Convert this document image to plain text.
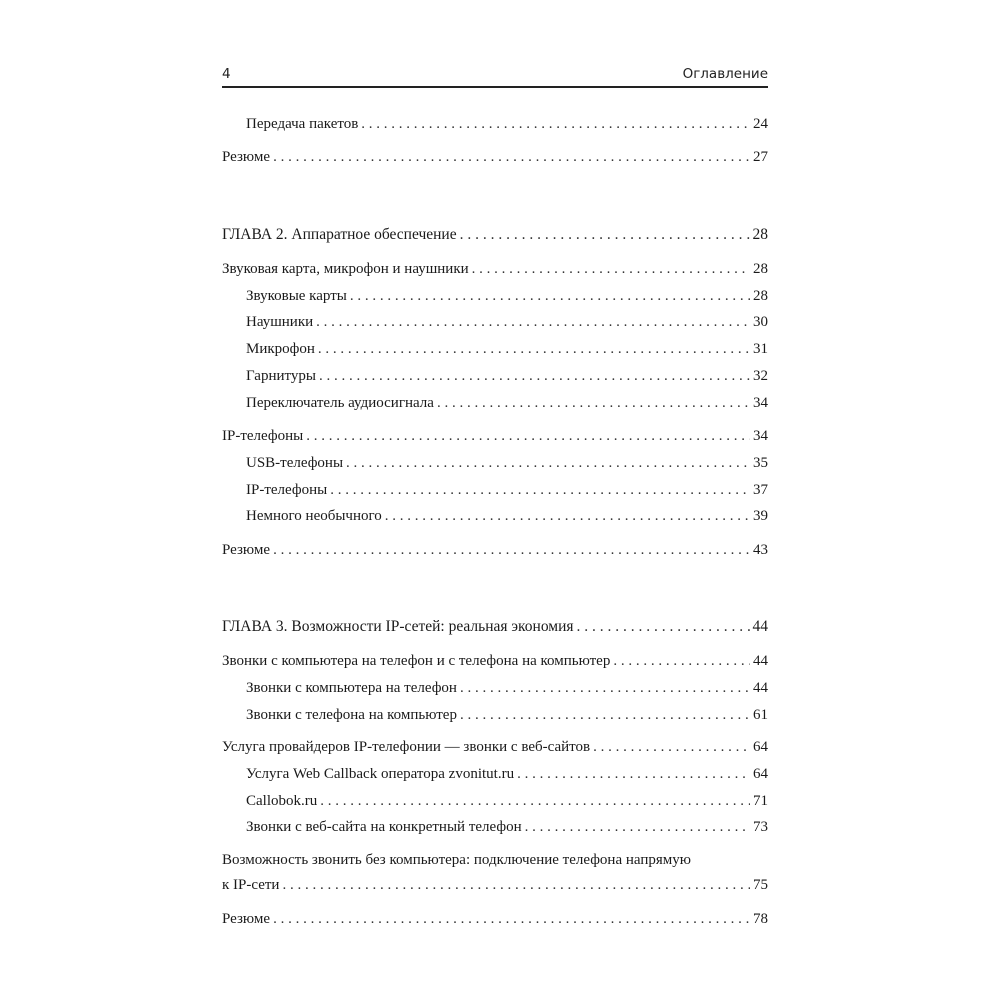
4	Оглавление
Передача пакетов . . .	24
Резюме . . .	27
ГЛАВА 2. Аппаратное обеспечение . . .	28
Звуковая карта, микрофон и наушники . . .	28
Звуковые карты . . .	28
Наушники . . .	30
Микрофон . . .	31
Гарнитуры . . .	32
Переключатель аудиосигнала . . .	34
IP-телефоны . . .	34
USB-телефоны . . .	35
IP-телефоны . . .	37
Немного необычного . . .	39
Резюме . . .	43
ГЛАВА 3. Возможности IP-сетей: реальная экономия . . .	44
Звонки с компьютера на телефон и с телефона на компьютер . . .	44
Звонки с компьютера на телефон . . .	44
Звонки с телефона на компьютер . . .	61
Услуга провайдеров IP-телефонии — звонки с веб-сайтов . . .	64
Услуга Web Callback оператора zvonitut.ru . . .	64
Callobok.ru . . .	71
Звонки с веб-сайта на конкретный телефон . . .	73
Возможность звонить без компьютера: подключение телефона напрямую
к IP-сети . . .	75
Резюме . . .	78
